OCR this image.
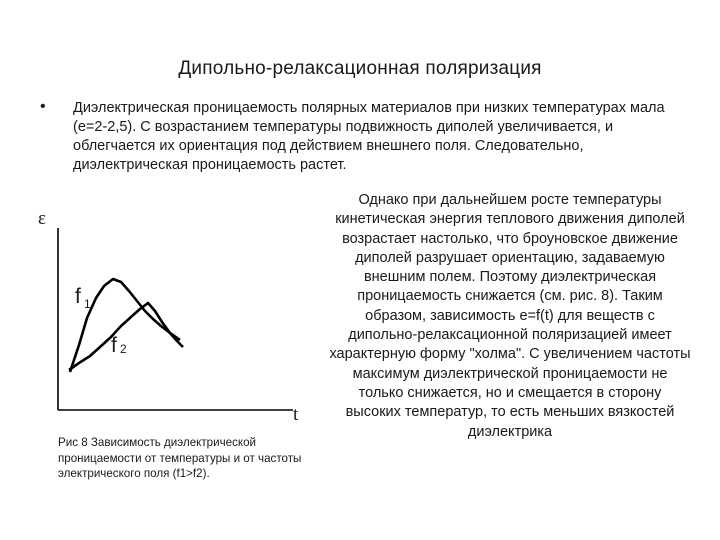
Дипольно-релаксационная поляризация
• Диэлектрическая проницаемость полярных материалов при низких температурах мала (e=2-2,5). С возрастанием температуры подвижность диполей увеличивается, и облегчается их ориентация под действием внешнего поля. Следовательно, диэлектрическая проницаемость растет.
Однако при дальнейшем росте температуры кинетическая энергия теплового движения диполей возрастает настолько, что броуновское движение диполей разрушает ориентацию, задаваемую внешним полем. Поэтому диэлектрическая проницаемость снижается (см. рис. 8). Таким образом, зависимость e=f(t) для веществ с дипольно-релаксационной поляризацией имеет характерную форму "холма". С увеличением частоты максимум диэлектрической проницаемости не только снижается, но и смещается в сторону высоких температур, то есть меньших вязкостей диэлектрика
ε
t
f 1
f 2
Рис 8 Зависимость диэлектрической проницаемости от температуры и от частоты электрического поля (f1>f2).
